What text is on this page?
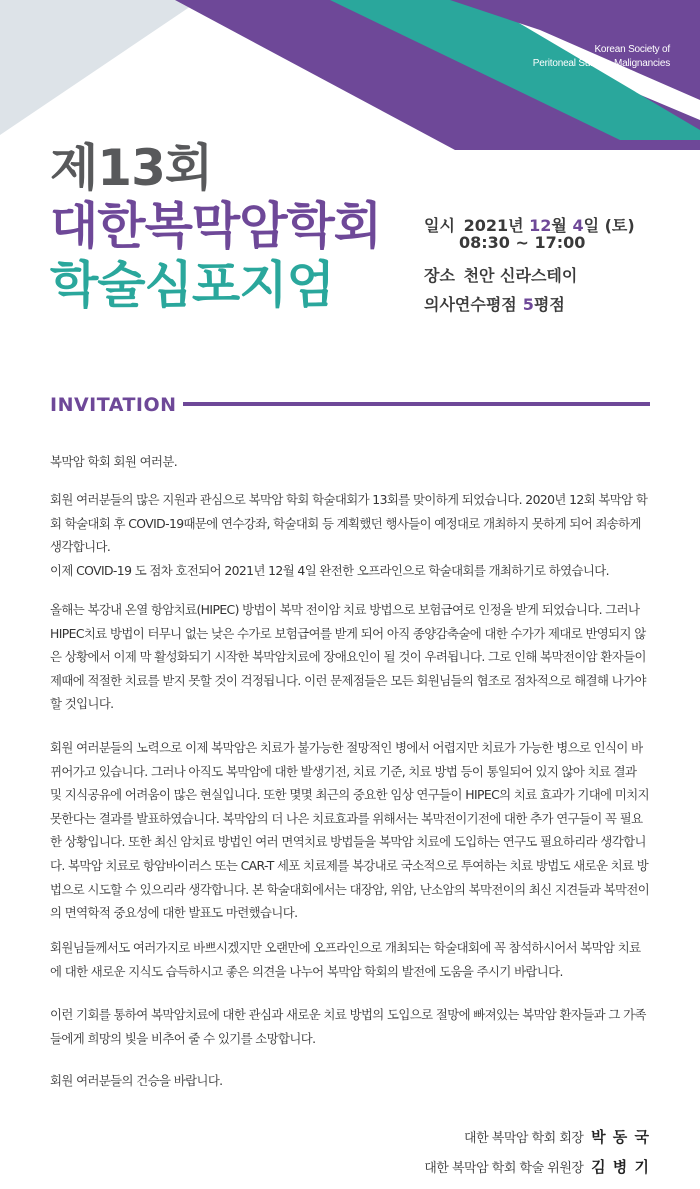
Korean Society of
Peritoneal Surface Malignancies
제13회
대한복막암학회
학술심포지엄
일시 2021년 12월 4일 (토)
08:30 ~ 17:00
장소 천안 신라스테이
의사연수평점 5평점
INVITATION

복막암 학회 회원 여러분.

회원 여러분들의 많은 지원과 관심으로 복막암 학회 학술대회가 13회를 맞이하게 되었습니다. 2020년 12회 복막암 학회 학술대회 후 COVID-19때문에 연수강좌, 학술대회 등 계획했던 행사들이 예정대로 개최하지 못하게 되어 죄송하게 생각합니다.
이제 COVID-19 도 점차 호전되어 2021년 12월 4일 완전한 오프라인으로 학술대회를 개최하기로 하였습니다.

올해는 복강내 온열 항암치료(HIPEC) 방법이 복막 전이암 치료 방법으로 보험급여로 인정을 받게 되었습니다. 그러나 HIPEC치료 방법이 터무니 없는 낮은 수가로 보험급여를 받게 되어 아직 종양감축술에 대한 수가가 제대로 반영되지 않은 상황에서 이제 막 활성화되기 시작한 복막암치료에 장애요인이 될 것이 우려됩니다. 그로 인해 복막전이암 환자들이 제때에 적절한 치료를 받지 못할 것이 걱정됩니다. 이런 문제점들은 모든 회원님들의 협조로 점차적으로 해결해 나가야 할 것입니다.

회원 여러분들의 노력으로 이제 복막암은 치료가 불가능한 절망적인 병에서 어렵지만 치료가 가능한 병으로 인식이 바뀌어가고 있습니다. 그러나 아직도 복막암에 대한 발생기전, 치료 기준, 치료 방법 등이 통일되어 있지 않아 치료 결과 및 지식공유에 어려움이 많은 현실입니다. 또한 몇몇 최근의 중요한 임상 연구들이 HIPEC의 치료 효과가 기대에 미치지 못한다는 결과를 발표하였습니다. 복막암의 더 나은 치료효과를 위해서는 복막전이기전에 대한 추가 연구들이 꼭 필요한 상황입니다. 또한 최신 암치료 방법인 여러 면역치료 방법들을 복막암 치료에 도입하는 연구도 필요하리라 생각합니다. 복막암 치료로 항암바이러스 또는 CAR-T 세포 치료제를 복강내로 국소적으로 투여하는 치료 방법도 새로운 치료 방법으로 시도할 수 있으리라 생각합니다. 본 학술대회에서는 대장암, 위암, 난소암의 복막전이의 최신 지견들과 복막전이의 면역학적 중요성에 대한 발표도 마련했습니다.

회원님들께서도 여러가지로 바쁘시겠지만 오랜만에 오프라인으로 개최되는 학술대회에 꼭 참석하시어서 복막암 치료에 대한 새로운 지식도 습득하시고 좋은 의견을 나누어 복막암 학회의 발전에 도움을 주시기 바랍니다.

이런 기회를 통하여 복막암치료에 대한 관심과 새로운 치료 방법의 도입으로 절망에 빠져있는 복막암 환자들과 그 가족들에게 희망의 빛을 비추어 줄 수 있기를 소망합니다.

회원 여러분들의 건승을 바랍니다.

대한 복막암 학회 회장 박 동 국
대한 복막암 학회 학술 위원장 김 병 기
